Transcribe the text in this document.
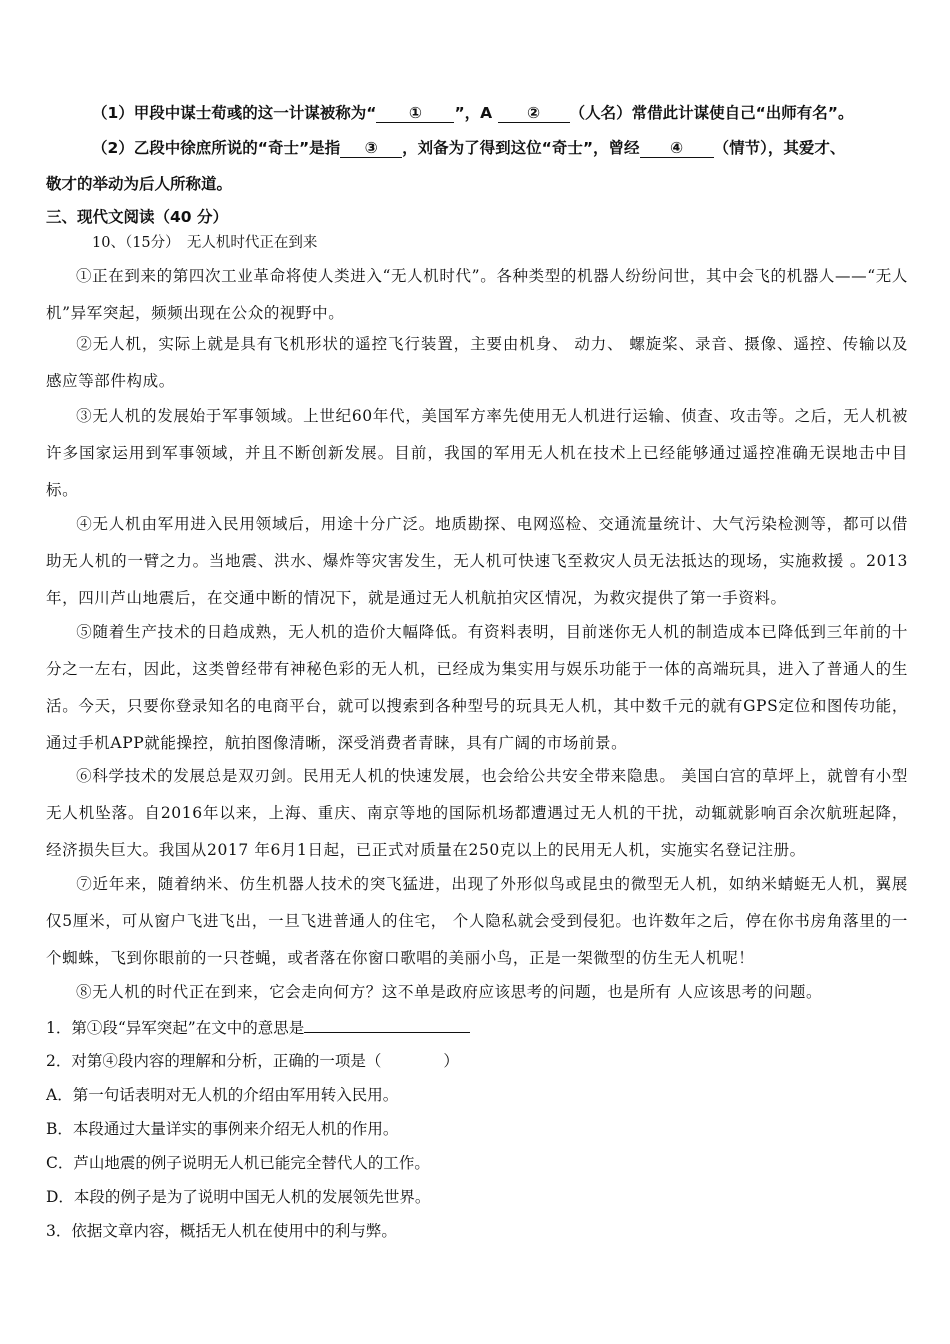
（1）甲段中谋士荀彧的这一计谋被称为“ ① ”，A ② （人名）常借此计谋使自己“出师有名”。
（2）乙段中徐庶所说的“奇士”是指 ③ ，刘备为了得到这位“奇士”，曾经 ④ （情节），其爱才、
敬才的举动为后人所称道。
三、现代文阅读（40 分）
10、（15分）　无人机时代正在到来
①正在到来的第四次工业革命将使人类进入“无人机时代”。各种类型的机器人纷纷问世，其中会飞的机器人——“无人机”异军突起，频频出现在公众的视野中。
②无人机，实际上就是具有飞机形状的遥控飞行装置，主要由机身、 动力、 螺旋桨、录音、摄像、遥控、传输以及感应等部件构成。
③无人机的发展始于军事领域。上世纪60年代，美国军方率先使用无人机进行运输、侦查、攻击等。之后，无人机被许多国家运用到军事领域，并且不断创新发展。目前，我国的军用无人机在技术上已经能够通过遥控准确无误地击中目标。
④无人机由军用进入民用领域后，用途十分广泛。地质勘探、电网巡检、交通流量统计、大气污染检测等，都可以借助无人机的一臂之力。当地震、洪水、爆炸等灾害发生，无人机可快速飞至救灾人员无法抵达的现场，实施救援 。2013年，四川芦山地震后，在交通中断的情况下，就是通过无人机航拍灾区情况，为救灾提供了第一手资料。
⑤随着生产技术的日趋成熟，无人机的造价大幅降低。有资料表明，目前迷你无人机的制造成本已降低到三年前的十分之一左右，因此，这类曾经带有神秘色彩的无人机，已经成为集实用与娱乐功能于一体的高端玩具，进入了普通人的生活。今天，只要你登录知名的电商平台，就可以搜索到各种型号的玩具无人机，其中数千元的就有GPS定位和图传功能，通过手机APP就能操控，航拍图像清晰，深受消费者青睐，具有广阔的市场前景。
⑥科学技术的发展总是双刃剑。民用无人机的快速发展，也会给公共安全带来隐患。 美国白宫的草坪上，就曾有小型无人机坠落。自2016年以来，上海、重庆、南京等地的国际机场都遭遇过无人机的干扰，动辄就影响百余次航班起降，经济损失巨大。我国从2017 年6月1日起，已正式对质量在250克以上的民用无人机，实施实名登记注册。
⑦近年来，随着纳米、仿生机器人技术的突飞猛进，出现了外形似鸟或昆虫的微型无人机，如纳米蜻蜓无人机，翼展仅5厘米，可从窗户飞进飞出，一旦飞进普通人的住宅， 个人隐私就会受到侵犯。也许数年之后，停在你书房角落里的一个蜘蛛，飞到你眼前的一只苍蝇，或者落在你窗口歌唱的美丽小鸟，正是一架微型的仿生无人机呢！
⑧无人机的时代正在到来，它会走向何方？这不单是政府应该思考的问题，也是所有 人应该思考的问题。
1．第①段“异军突起”在文中的意思是
2．对第④段内容的理解和分析，正确的一项是（　　　　）
A．第一句话表明对无人机的介绍由军用转入民用。
B．本段通过大量详实的事例来介绍无人机的作用。
C．芦山地震的例子说明无人机已能完全替代人的工作。
D．本段的例子是为了说明中国无人机的发展领先世界。
3．依据文章内容，概括无人机在使用中的利与弊。
